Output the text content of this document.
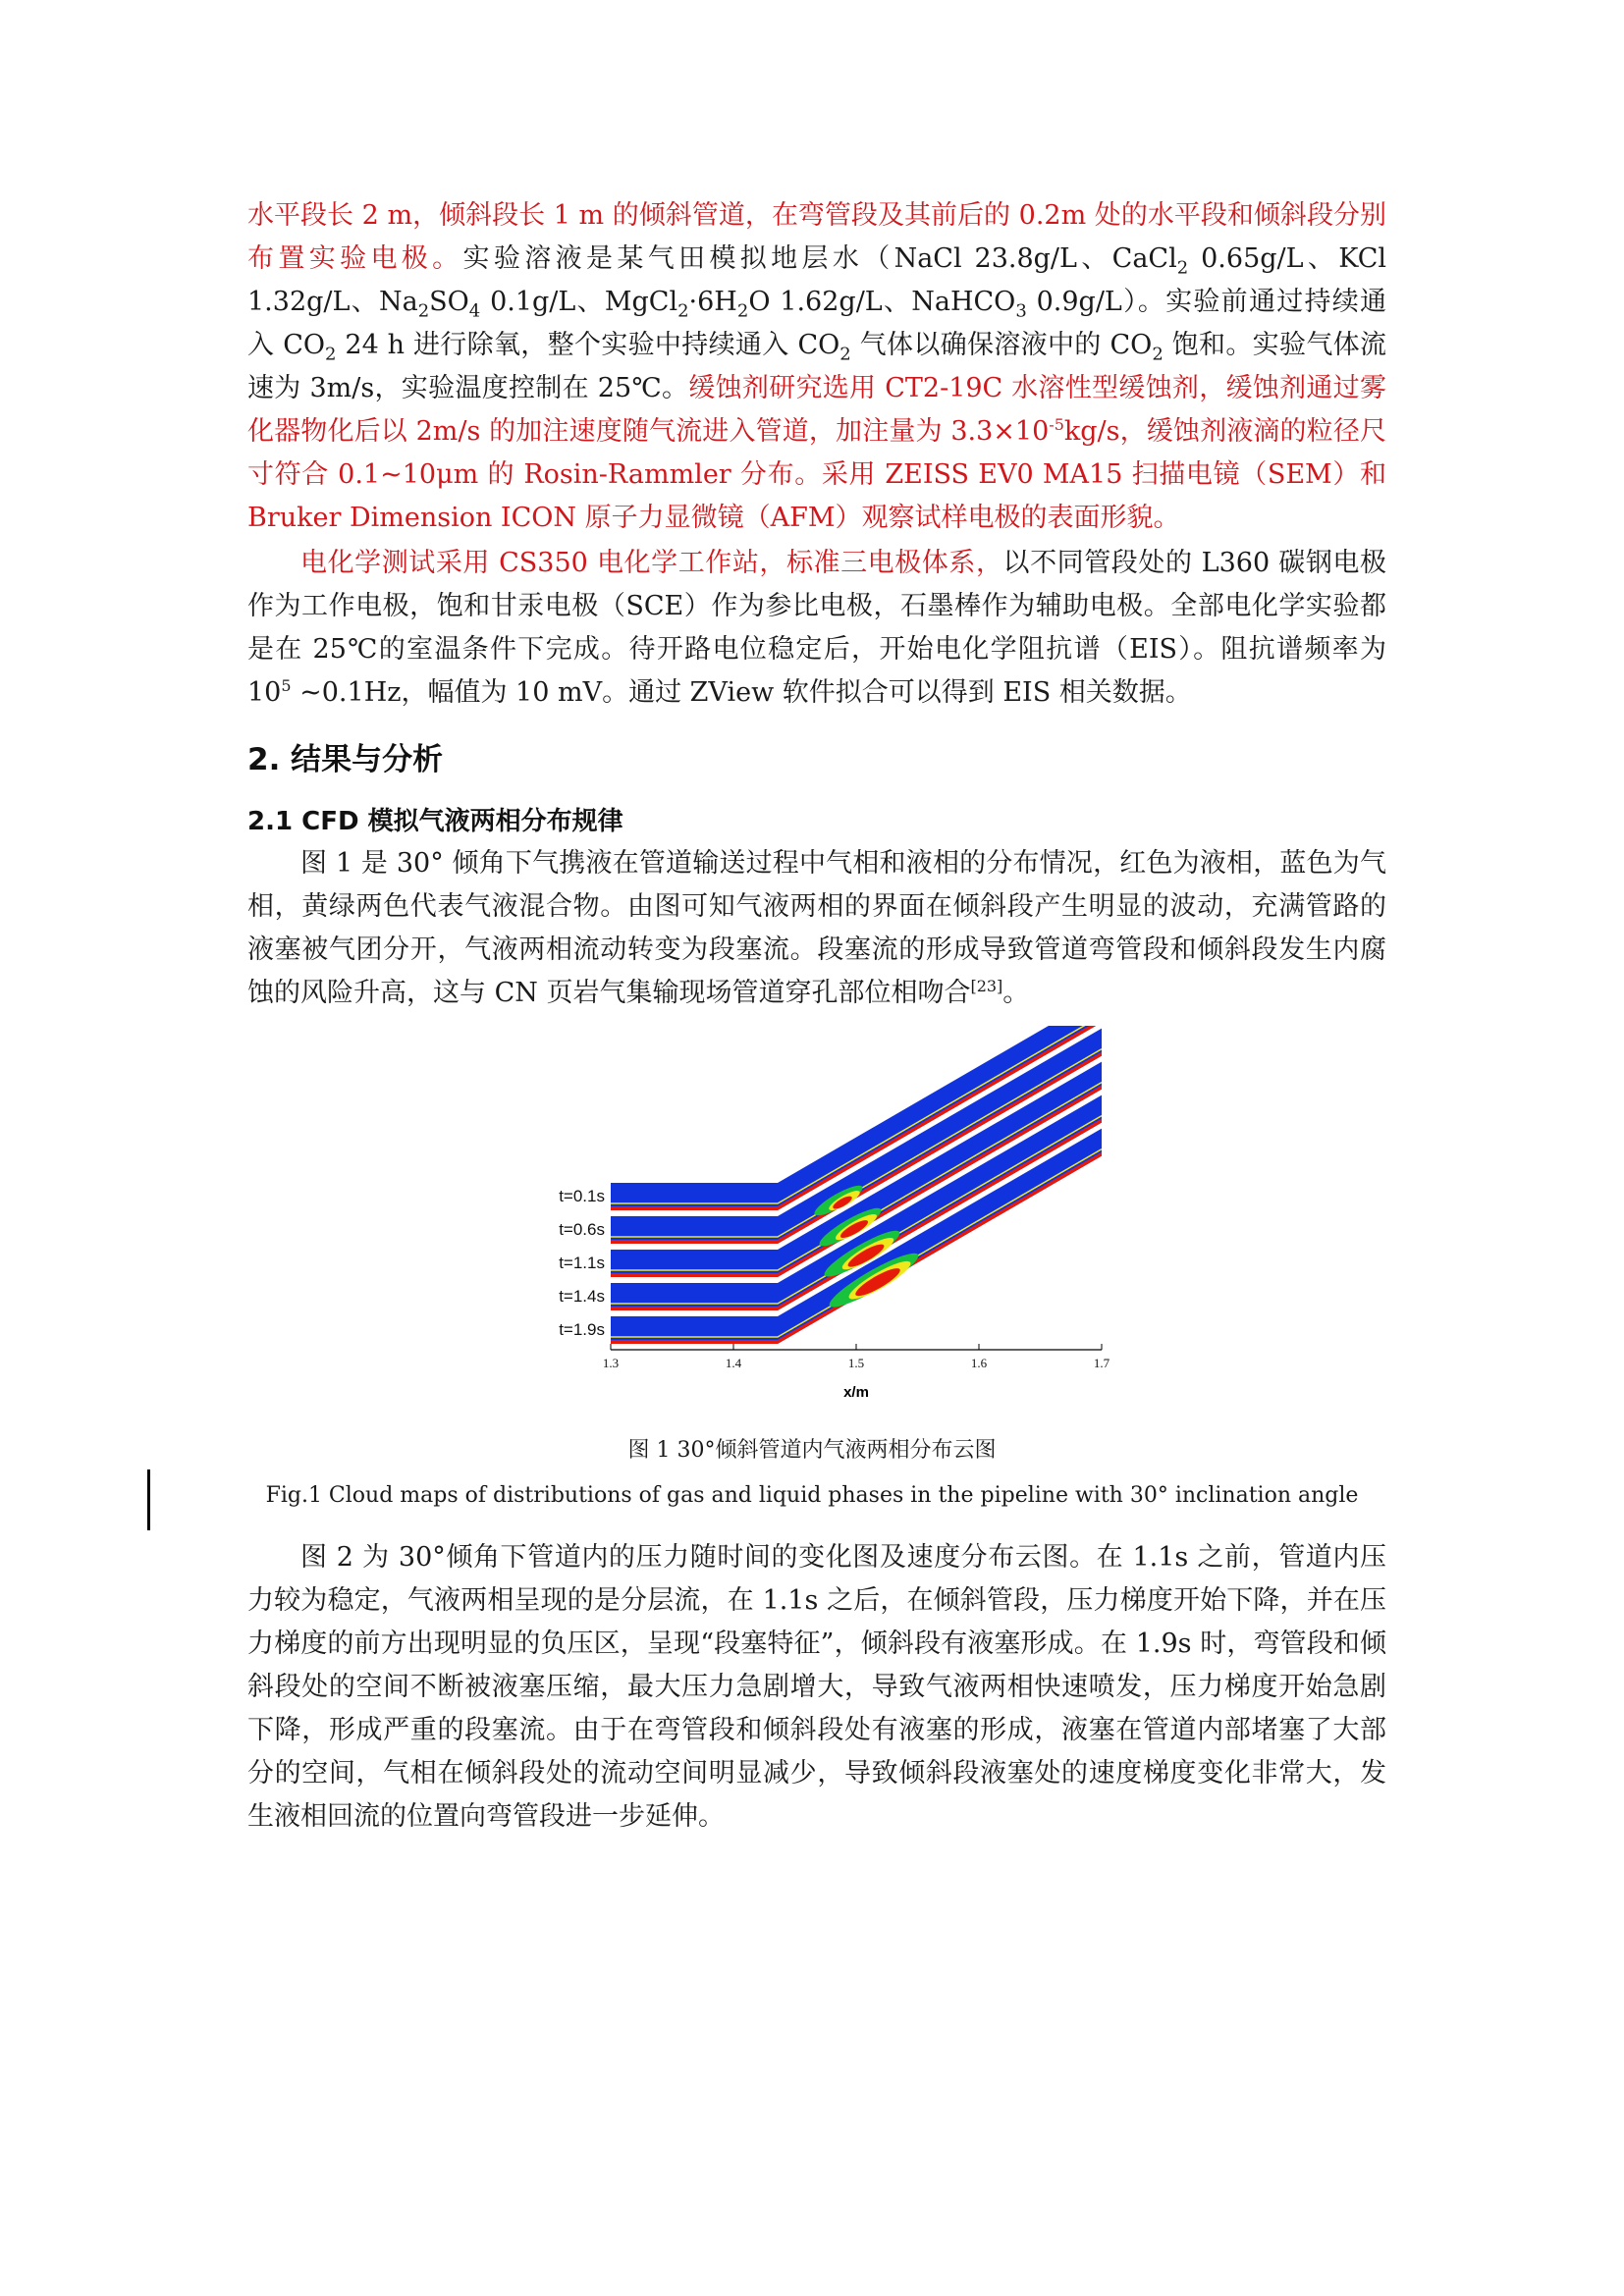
水平段长 2 m，倾斜段长 1 m 的倾斜管道，在弯管段及其前后的 0.2m 处的水平段和倾斜段分别布置实验电极。实验溶液是某气田模拟地层水（NaCl 23.8g/L、CaCl$_2$ 0.65g/L、KCl 1.32g/L、$Na_2SO_4$ 0.1g/L、$MgCl_2\cdot 6H_2O$ 1.62g/L、NaHCO$_3$ 0.9g/L）。实验前通过持续通入 $CO_2$ 24 h 进行除氧，整个实验中持续通入 $CO_2$ 气体以确保溶液中的 $CO_2$ 饱和。实验气体流速为 3m/s，实验温度控制在 25℃。缓蚀剂研究选用 CT2-19C 水溶性型缓蚀剂，缓蚀剂通过雾化器物化后以 2m/s 的加注速度随气流进入管道，加注量为 $3.3\times 10^{-5}kg/s$，缓蚀剂液滴的粒径尺寸符合 0.1~10μm 的 Rosin-Rammler 分布。采用 ZEISS EV0 MA15 扫描电镜（SEM）和 Bruker Dimension ICON 原子力显微镜（AFM）观察试样电极的表面形貌。

电化学测试采用 CS350 电化学工作站，标准三电极体系，以不同管段处的 L360 碳钢电极作为工作电极，饱和甘汞电极（SCE）作为参比电极，石墨棒作为辅助电极。全部电化学实验都是在 25℃的室温条件下完成。待开路电位稳定后，开始电化学阻抗谱（EIS）。阻抗谱频率为 $10^5$ ~0.1Hz，幅值为 10 mV。通过 ZView 软件拟合可以得到 EIS 相关数据。

2. 结果与分析
2.1 CFD 模拟气液两相分布规律

图 1 是 30° 倾角下气携液在管道输送过程中气相和液相的分布情况，红色为液相，蓝色为气相，黄绿两色代表气液混合物。由图可知气液两相的界面在倾斜段产生明显的波动，充满管路的液塞被气团分开，气液两相流动转变为段塞流。段塞流的形成导致管道弯管段和倾斜段发生内腐蚀的风险升高，这与 CN 页岩气集输现场管道穿孔部位相吻合[23]。

1.3	1.4	1.5	1.6	1.7
t=0.1s
t=0.6s
t=1.1s
t=1.4s
t=1.9s
x/m

图 1 30°倾斜管道内气液两相分布云图

Fig.1 Cloud maps of distributions of gas and liquid phases in the pipeline with 30° inclination angle

图 2 为 30°倾角下管道内的压力随时间的变化图及速度分布云图。在 1.1s 之前，管道内压力较为稳定，气液两相呈现的是分层流，在 1.1s 之后，在倾斜管段，压力梯度开始下降，并在压力梯度的前方出现明显的负压区，呈现“段塞特征”，倾斜段有液塞形成。在 1.9s 时，弯管段和倾斜段处的空间不断被液塞压缩，最大压力急剧增大，导致气液两相快速喷发，压力梯度开始急剧下降，形成严重的段塞流。由于在弯管段和倾斜段处有液塞的形成，液塞在管道内部堵塞了大部分的空间，气相在倾斜段处的流动空间明显减少，导致倾斜段液塞处的速度梯度变化非常大，发生液相回流的位置向弯管段进一步延伸。
